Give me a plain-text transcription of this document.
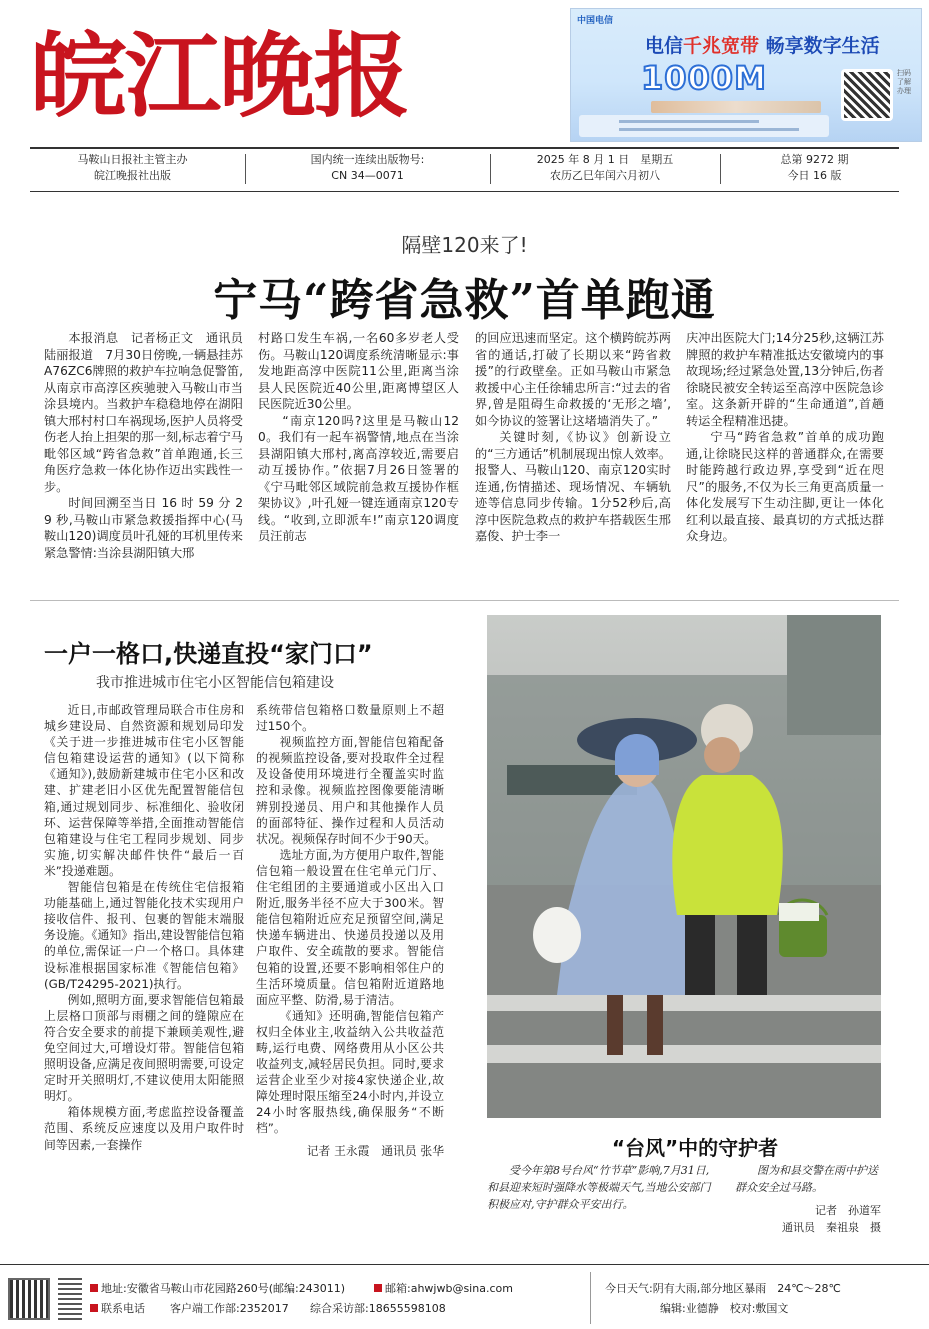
皖江晚报
中国电信
电信千兆宽带 畅享数字生活
1000M	扫码了解办理
马鞍山日报社主管主办
皖江晚报社出版
国内统一连续出版物号:
CN 34—0071
2025 年 8 月 1 日　星期五
农历乙巳年闰六月初八
总第 9272 期
今日 16 版
隔壁120来了!
宁马“跨省急救”首单跑通

本报消息　记者杨正文　通讯员陆丽报道　7月30日傍晚,一辆悬挂苏A76ZC6牌照的救护车拉响急促警笛,从南京市高淳区疾驰驶入马鞍山市当涂县境内。当救护车稳稳地停在湖阳镇大邢村村口车祸现场,医护人员将受伤老人抬上担架的那一刻,标志着宁马毗邻区域“跨省急救”首单跑通,长三角医疗急救一体化协作迈出实践性一步。

时间回溯至当日 16 时 59 分 29 秒,马鞍山市紧急救援指挥中心(马鞍山120)调度员叶孔娅的耳机里传来紧急警情:当涂县湖阳镇大邢

村路口发生车祸,一名60多岁老人受伤。马鞍山120调度系统清晰显示:事发地距高淳中医院11公里,距离当涂县人民医院近40公里,距离博望区人民医院近30公里。

“南京120吗?这里是马鞍山120。我们有一起车祸警情,地点在当涂县湖阳镇大邢村,离高淳较近,需要启动互援协作。”依据7月26日签署的《宁马毗邻区域院前急救互援协作框架协议》,叶孔娅一键连通南京120专线。“收到,立即派车!”南京120调度员汪前志

的回应迅速而坚定。这个横跨皖苏两省的通话,打破了长期以来“跨省救援”的行政壁垒。正如马鞍山市紧急救援中心主任徐辅忠所言:“过去的省界,曾是阻碍生命救援的‘无形之墙’,如今协议的签署让这堵墙消失了。”

关键时刻,《协议》创新设立的“三方通话”机制展现出惊人效率。报警人、马鞍山120、南京120实时连通,伤情描述、现场情况、车辆轨迹等信息同步传输。1分52秒后,高淳中医院急救点的救护车搭载医生邢嘉俊、护士李一

庆冲出医院大门;14分25秒,这辆江苏牌照的救护车精准抵达安徽境内的事故现场;经过紧急处置,13分钟后,伤者徐晓民被安全转运至高淳中医院急诊室。这条新开辟的“生命通道”,首趟转运全程精准迅捷。

宁马“跨省急救”首单的成功跑通,让徐晓民这样的普通群众,在需要时能跨越行政边界,享受到“近在咫尺”的服务,不仅为长三角更高质量一体化发展写下生动注脚,更让一体化红利以最直接、最真切的方式抵达群众身边。

一户一格口,快递直投“家门口”
我市推进城市住宅小区智能信包箱建设

近日,市邮政管理局联合市住房和城乡建设局、自然资源和规划局印发《关于进一步推进城市住宅小区智能信包箱建设运营的通知》(以下简称《通知》),鼓励新建城市住宅小区和改建、扩建老旧小区优先配置智能信包箱,通过规划同步、标准细化、验收闭环、运营保障等举措,全面推动智能信包箱建设与住宅工程同步规划、同步实施,切实解决邮件快件“最后一百米”投递难题。

智能信包箱是在传统住宅信报箱功能基础上,通过智能化技术实现用户接收信件、报刊、包裹的智能末端服务设施。《通知》指出,建设智能信包箱的单位,需保证一户一个格口。具体建设标准根据国家标准《智能信包箱》(GB/T24295-2021)执行。

例如,照明方面,要求智能信包箱最上层格口顶部与雨棚之间的缝隙应在符合安全要求的前提下兼顾美观性,避免空间过大,可增设灯带。智能信包箱照明设备,应满足夜间照明需要,可设定定时开关照明灯,不建议使用太阳能照明灯。

箱体规模方面,考虑监控设备覆盖范围、系统反应速度以及用户取件时间等因素,一套操作

系统带信包箱格口数量原则上不超过150个。

视频监控方面,智能信包箱配备的视频监控设备,要对投取件全过程及设备使用环境进行全覆盖实时监控和录像。视频监控图像要能清晰辨别投递员、用户和其他操作人员的面部特征、操作过程和人员活动状况。视频保存时间不少于90天。

选址方面,为方便用户取件,智能信包箱一般设置在住宅单元门厅、住宅组团的主要通道或小区出入口附近,服务半径不应大于300米。智能信包箱附近应充足预留空间,满足快递车辆进出、快递员投递以及用户取件、安全疏散的要求。智能信包箱的设置,还要不影响相邻住户的生活环境质量。信包箱附近道路地面应平整、防滑,易于清洁。

《通知》还明确,智能信包箱产权归全体业主,收益纳入公共收益范畴,运行电费、网络费用从小区公共收益列支,减轻居民负担。同时,要求运营企业至少对接4家快递企业,故障处理时限压缩至24小时内,并设立24小时客服热线,确保服务“不断档”。

记者 王永霞　通讯员 张华	“台风”中的守护者
受今年第8号台风“竹节草”影响,7月31日,和县迎来短时强降水等极端天气,当地公安部门积极应对,守护群众平安出行。
图为和县交警在雨中护送群众安全过马路。
记者　孙道军
通讯员　秦祖泉　摄
地址:安徽省马鞍山市花园路260号(邮编:243011)	邮箱:ahwjwb@sina.com
联系电话 客户端工作部:2352017 综合采访部:18655598108
今日天气:阴有大雨,部分地区暴雨　24℃～28℃
编辑:业德静　校对:敷国文
